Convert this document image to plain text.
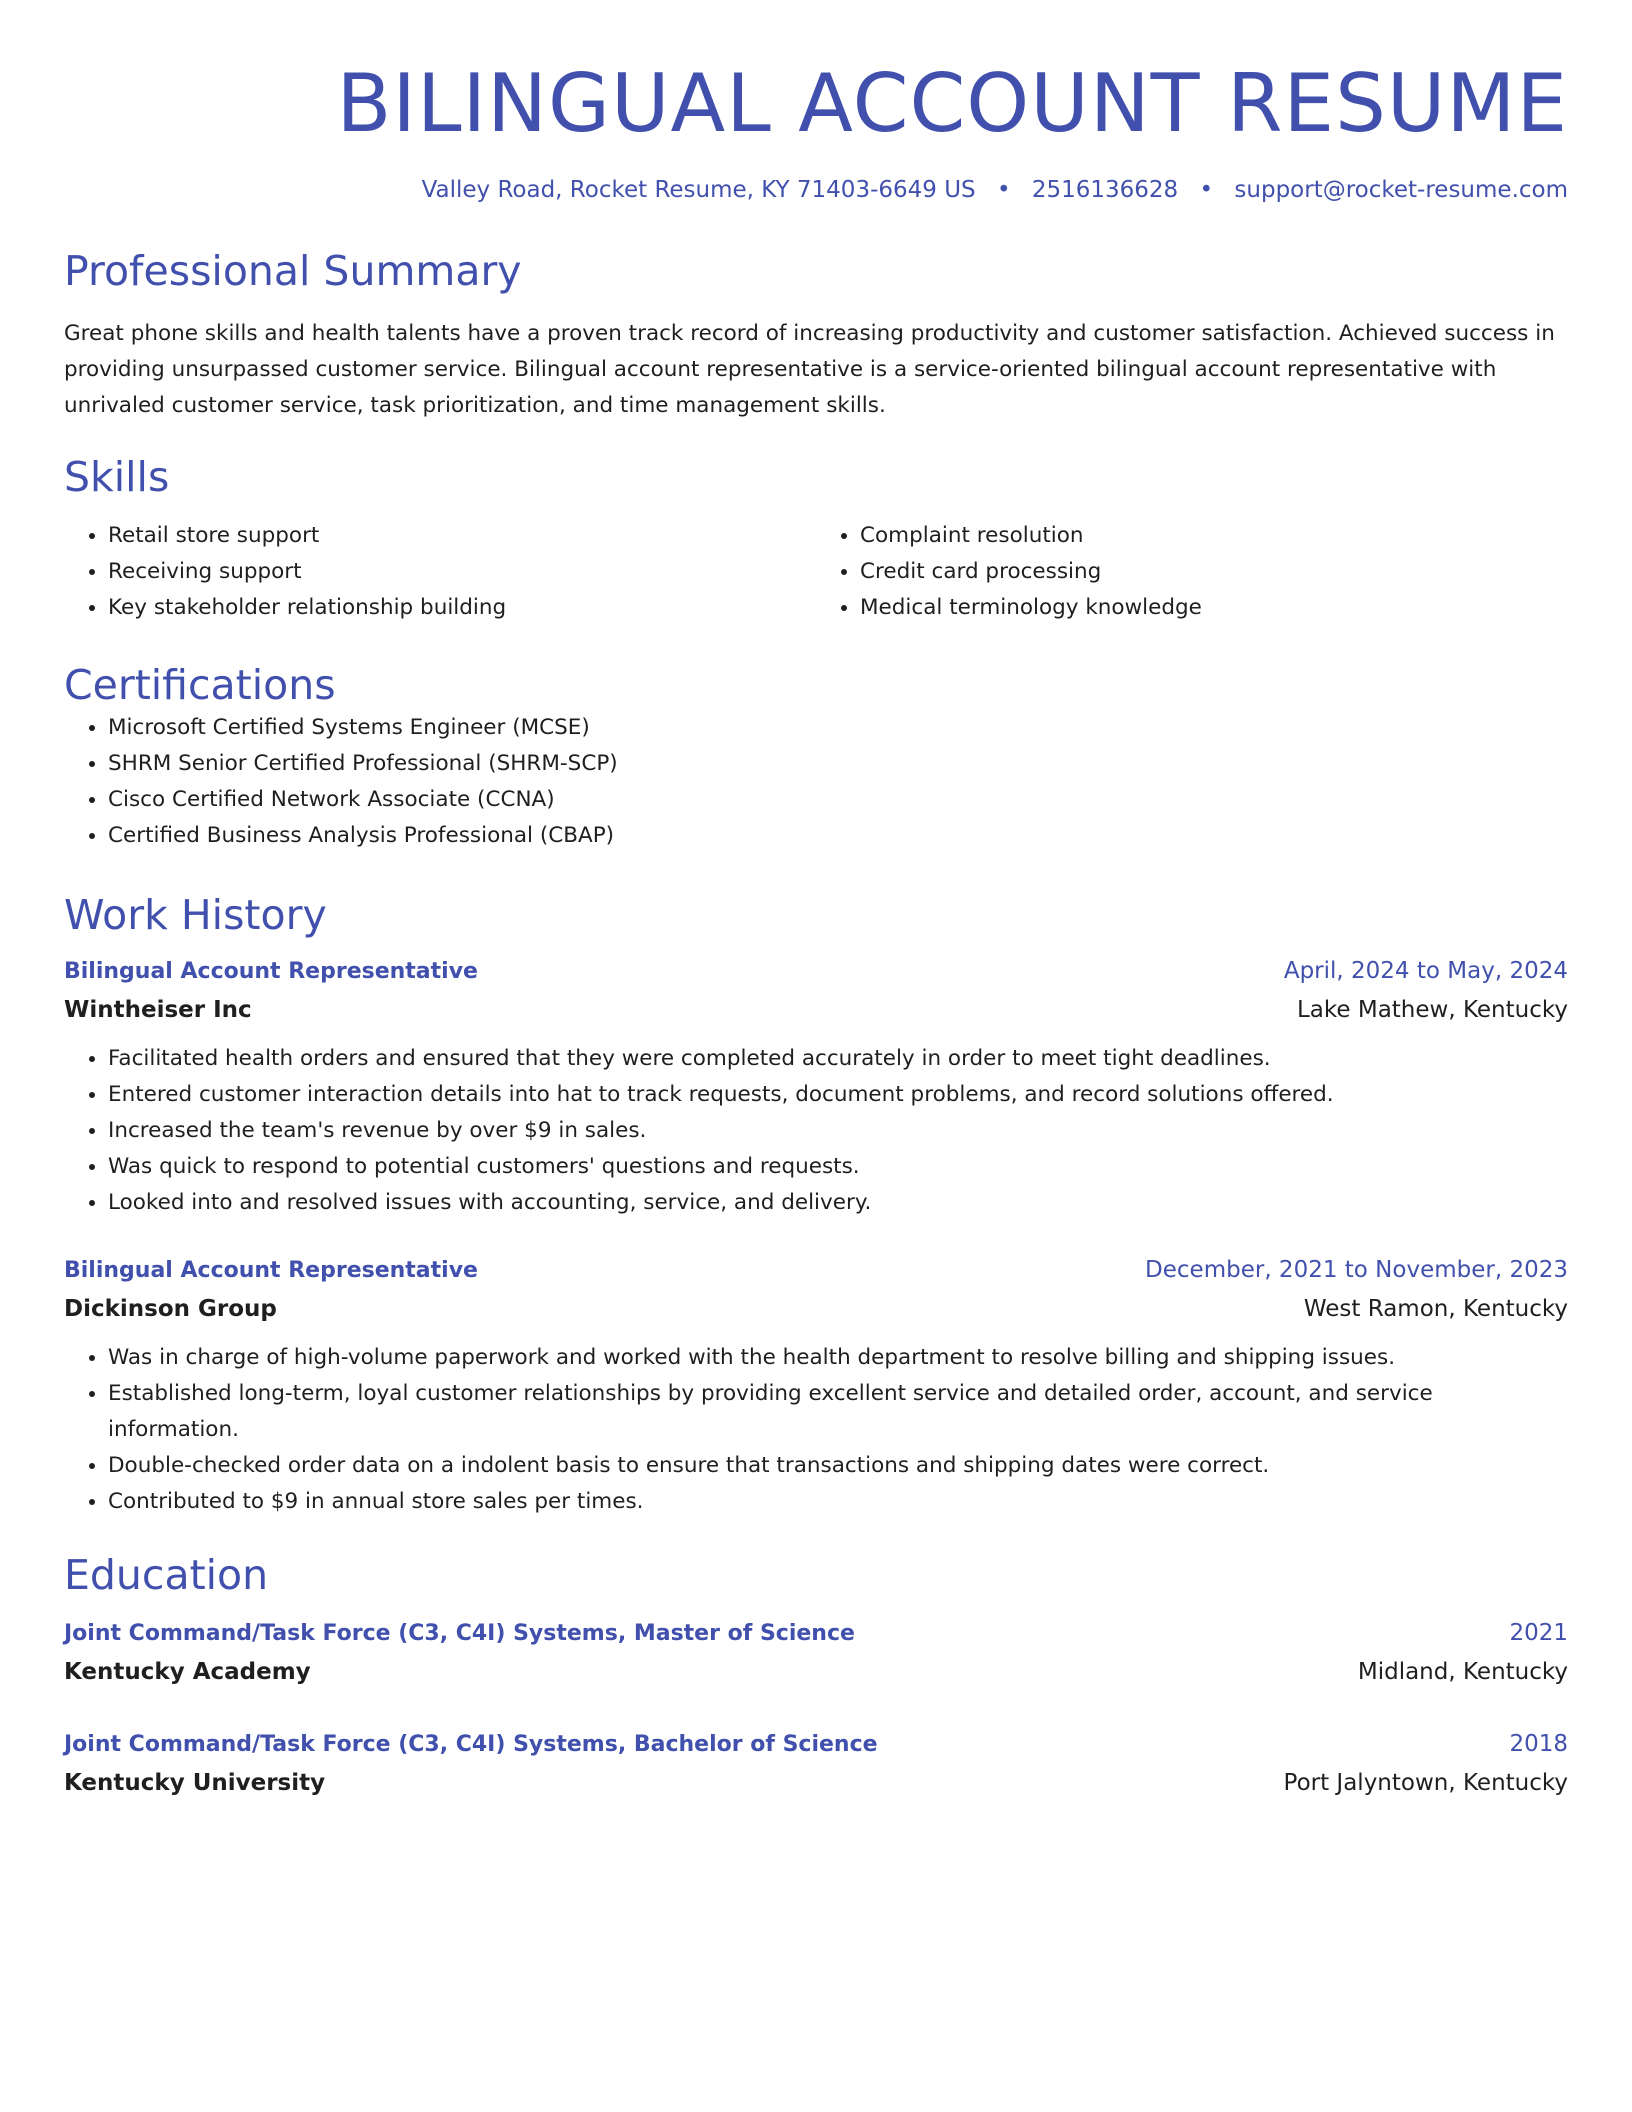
BILINGUAL ACCOUNT RESUME
Valley Road, Rocket Resume, KY 71403-6649 US • 2516136628 • support@rocket-resume.com
Professional Summary
Great phone skills and health talents have a proven track record of increasing productivity and customer satisfaction. Achieved success in providing unsurpassed customer service. Bilingual account representative is a service-oriented bilingual account representative with unrivaled customer service, task prioritization, and time management skills.
Skills
• Retail store support
• Receiving support
• Key stakeholder relationship building
• Complaint resolution
• Credit card processing
• Medical terminology knowledge
Certifications
• Microsoft Certified Systems Engineer (MCSE)
• SHRM Senior Certified Professional (SHRM-SCP)
• Cisco Certified Network Associate (CCNA)
• Certified Business Analysis Professional (CBAP)
Work History
Bilingual Account Representative	April, 2024 to May, 2024
Wintheiser Inc	Lake Mathew, Kentucky
• Facilitated health orders and ensured that they were completed accurately in order to meet tight deadlines.
• Entered customer interaction details into hat to track requests, document problems, and record solutions offered.
• Increased the team's revenue by over $9 in sales.
• Was quick to respond to potential customers' questions and requests.
• Looked into and resolved issues with accounting, service, and delivery.
Bilingual Account Representative	December, 2021 to November, 2023
Dickinson Group	West Ramon, Kentucky
• Was in charge of high-volume paperwork and worked with the health department to resolve billing and shipping issues.
• Established long-term, loyal customer relationships by providing excellent service and detailed order, account, and service information.
• Double-checked order data on a indolent basis to ensure that transactions and shipping dates were correct.
• Contributed to $9 in annual store sales per times.
Education
Joint Command/Task Force (C3, C4I) Systems, Master of Science	2021
Kentucky Academy	Midland, Kentucky
Joint Command/Task Force (C3, C4I) Systems, Bachelor of Science	2018
Kentucky University	Port Jalyntown, Kentucky
